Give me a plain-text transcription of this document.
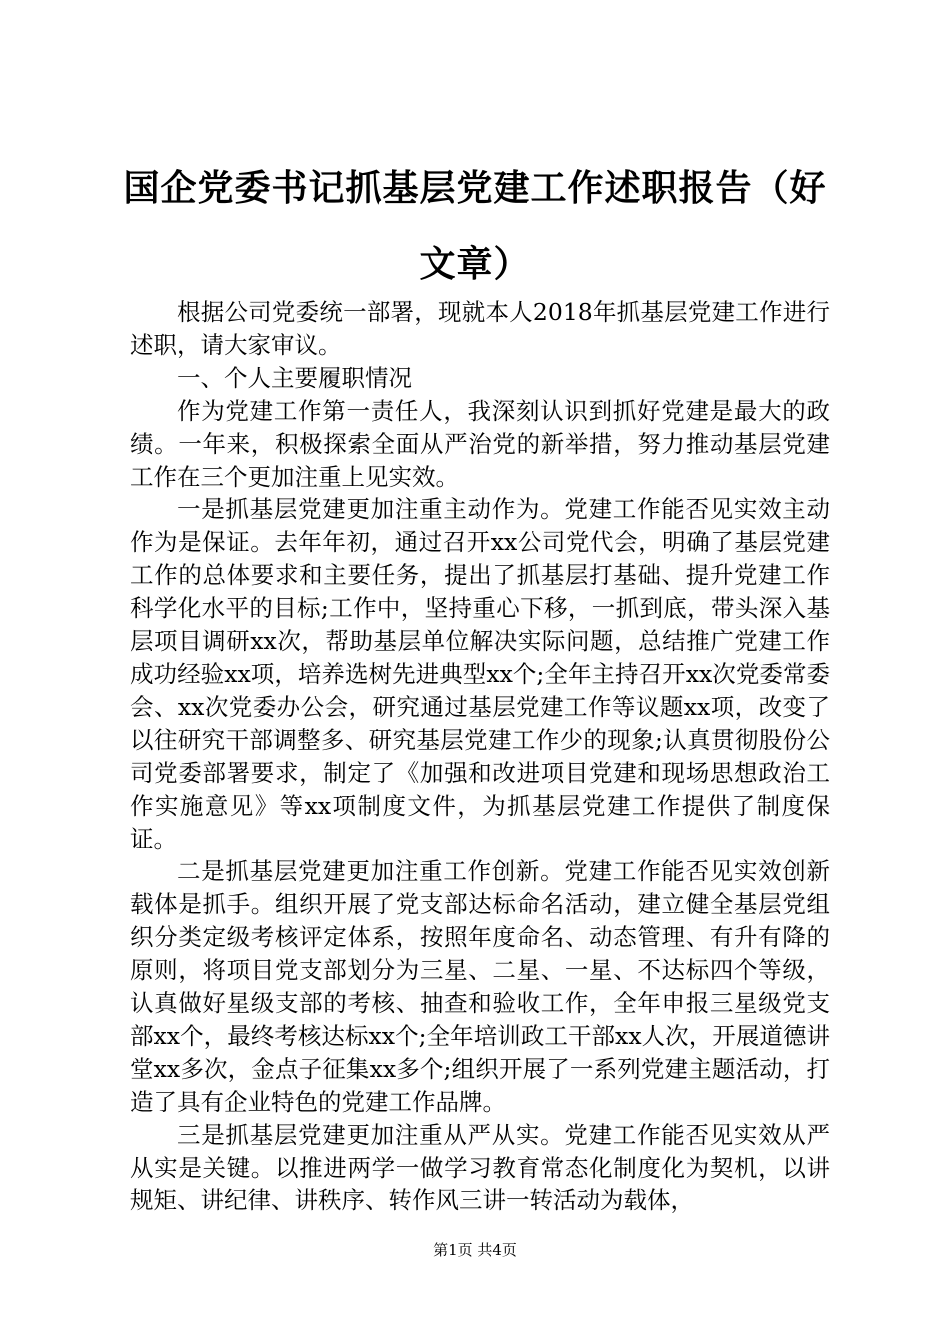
国企党委书记抓基层党建工作述职报告（好文章）

根据公司党委统一部署，现就本人2018年抓基层党建工作进行述职，请大家审议。

一、个人主要履职情况

作为党建工作第一责任人，我深刻认识到抓好党建是最大的政绩。一年来，积极探索全面从严治党的新举措，努力推动基层党建工作在三个更加注重上见实效。

一是抓基层党建更加注重主动作为。党建工作能否见实效主动作为是保证。去年年初，通过召开xx公司党代会，明确了基层党建工作的总体要求和主要任务，提出了抓基层打基础、提升党建工作科学化水平的目标;工作中，坚持重心下移，一抓到底，带头深入基层项目调研xx次，帮助基层单位解决实际问题，总结推广党建工作成功经验xx项，培养选树先进典型xx个;全年主持召开xx次党委常委会、xx次党委办公会，研究通过基层党建工作等议题xx项，改变了以往研究干部调整多、研究基层党建工作少的现象;认真贯彻股份公司党委部署要求，制定了《加强和改进项目党建和现场思想政治工作实施意见》等xx项制度文件，为抓基层党建工作提供了制度保证。

二是抓基层党建更加注重工作创新。党建工作能否见实效创新载体是抓手。组织开展了党支部达标命名活动，建立健全基层党组织分类定级考核评定体系，按照年度命名、动态管理、有升有降的原则，将项目党支部划分为三星、二星、一星、不达标四个等级，认真做好星级支部的考核、抽查和验收工作，全年申报三星级党支部xx个，最终考核达标xx个;全年培训政工干部xx人次，开展道德讲堂xx多次，金点子征集xx多个;组织开展了一系列党建主题活动，打造了具有企业特色的党建工作品牌。

三是抓基层党建更加注重从严从实。党建工作能否见实效从严从实是关键。以推进两学一做学习教育常态化制度化为契机，以讲规矩、讲纪律、讲秩序、转作风三讲一转活动为载体，

第1页 共4页
